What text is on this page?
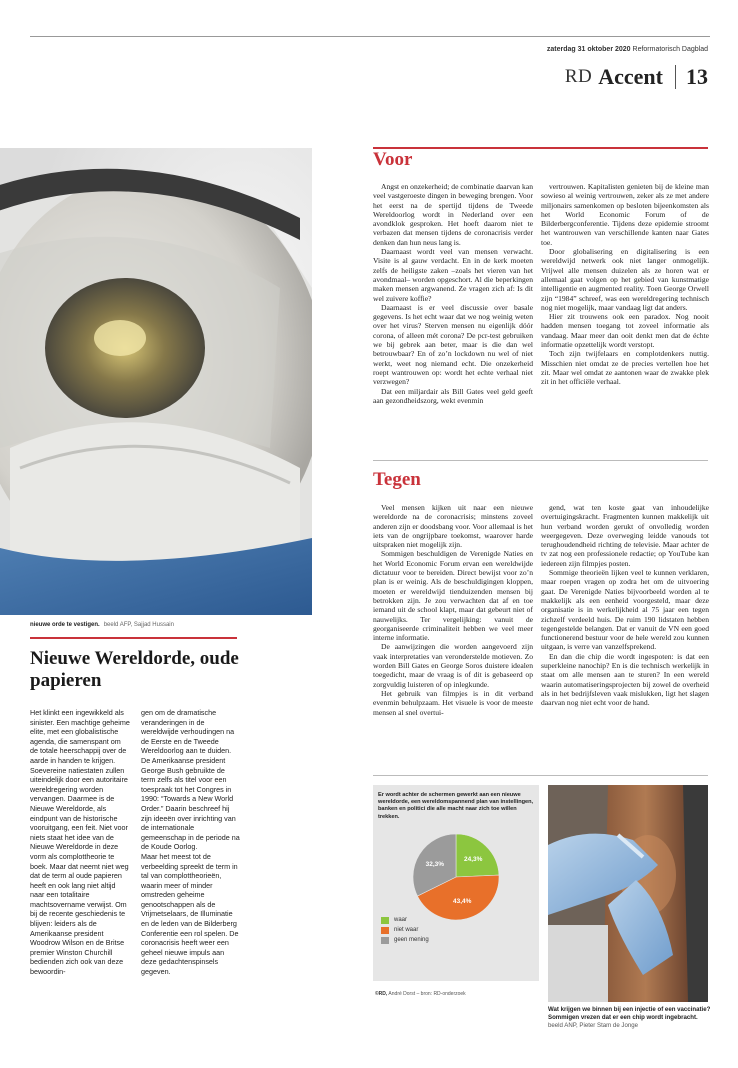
zaterdag 31 oktober 2020 Reformatorisch Dagblad
RD Accent 13
nieuwe orde te vestigen. beeld AFP, Sajjad Hussain
Nieuwe Wereldorde, oude papieren

Het klinkt een ingewikkeld als sinister. Een machtige geheime elite, met een globalistische agenda, die samenspant om de totale heerschappij over de aarde in handen te krijgen. Soevereine natiestaten zullen uiteindelijk door een autoritaire wereldregering worden vervangen. Daarmee is de Nieuwe Wereldorde, als eindpunt van de historische vooruitgang, een feit. Niet voor niets staat het idee van de Nieuwe Wereldorde in deze vorm als complottheorie te boek. Maar dat neemt niet weg dat de term al oude papieren heeft en ook lang niet altijd naar een totalitaire machtsovername verwijst. Om bij de recente geschiedenis te blijven: leiders als de Amerikaanse president Woodrow Wilson en de Britse premier Winston Churchill bedienden zich ook van deze bewoordin-

gen om de dramatische veranderingen in de wereldwijde verhoudingen na de Eerste en de Tweede Wereldoorlog aan te duiden.

De Amerikaanse president George Bush gebruikte de term zelfs als titel voor een toespraak tot het Congres in 1990: “Towards a New World Order.” Daarin beschreef hij zijn ideeën over inrichting van de internationale gemeenschap in de periode na de Koude Oorlog.

Maar het meest tot de verbeelding spreekt de term in tal van complottheorieën, waarin meer of minder omstreden geheime genootschappen als de Vrijmetselaars, de Illuminatie en de leden van de Bilderberg Conferentie een rol spelen. De coronacrisis heeft weer een geheel nieuwe impuls aan deze gedachtenspinsels gegeven.

Voor

Angst en onzekerheid; de combinatie daarvan kan veel vastgeroeste dingen in beweging brengen. Voor het eerst na de spertijd tijdens de Tweede Wereldoorlog wordt in Nederland over een avondklok gesproken. Het hoeft daarom niet te verbazen dat mensen tijdens de coronacrisis verder denken dan hun neus lang is.

Daarnaast wordt veel van mensen verwacht. Visite is al gauw verdacht. En in de kerk moeten zelfs de heiligste zaken –zoals het vieren van het avondmaal– worden opgeschort. Al die beperkingen maken mensen argwanend. Ze vragen zich af: Is dit wel zuivere koffie?

Daarnaast is er veel discussie over basale gegevens. Is het echt waar dat we nog weinig weten over het virus? Sterven mensen nu eigenlijk dóór corona, of alleen mét corona? De pcr-test gebruiken we bij gebrek aan beter, maar is die dan wel betrouwbaar? En of zo’n lockdown nu wel of niet werkt, weet nog niemand echt. Die onzekerheid roept wantrouwen op: wordt het echte verhaal niet verzwegen?

Dat een miljardair als Bill Gates veel geld geeft aan gezondheidszorg, wekt evenmin

vertrouwen. Kapitalisten genieten bij de kleine man sowieso al weinig vertrouwen, zeker als ze met andere miljonairs samenkomen op besloten bijeenkomsten als het World Economic Forum of de Bilderbergconferentie. Tijdens deze epidemie stroomt het wantrouwen van verschillende kanten naar Gates toe.

Door globalisering en digitalisering is een wereldwijd netwerk ook niet langer onmogelijk. Vrijwel alle mensen duizelen als ze horen wat er allemaal gaat volgen op het gebied van kunstmatige intelligentie en augmented reality. Toen George Orwell zijn “1984” schreef, was een wereldregering technisch nog niet mogelijk, maar vandaag ligt dat anders.

Hier zit trouwens ook een paradox. Nog nooit hadden mensen toegang tot zoveel informatie als vandaag. Maar meer dan ooit denkt men dat de échte informatie opzettelijk wordt verstopt.

Toch zijn twijfelaars en complotdenkers nuttig. Misschien niet omdat ze de precies vertellen hoe het zit. Maar wel omdat ze aantonen waar de zwakke plek zit in het officiële verhaal.

Tegen

Veel mensen kijken uit naar een nieuwe wereldorde na de coronacrisis; minstens zoveel anderen zijn er doodsbang voor. Voor allemaal is het iets van de ongrijpbare toekomst, waarover harde uitspraken niet mogelijk zijn.

Sommigen beschuldigen de Verenigde Naties en het World Economic Forum ervan een wereldwijde dictatuur voor te bereiden. Direct bewijst voor zo’n plan is er weinig. Als de beschuldigingen kloppen, moeten er wereldwijd tienduizenden mensen bij betrokken zijn. Je zou verwachten dat af en toe iemand uit de school klapt, maar dat gebeurt niet of nauwelijks. Ter vergelijking: vanuit de georganiseerde criminaliteit hebben we veel meer interne informatie.

De aanwijzingen die worden aangevoerd zijn vaak interpretaties van veronderstelde motieven. Zo worden Bill Gates en George Soros duistere idealen toegedicht, maar de vraag is of dit is gebaseerd op zorgvuldig luisteren of op inlegkunde.

Het gebruik van filmpjes is in dit verband evenmin behulpzaam. Het visuele is voor de meeste mensen al snel overtui-

gend, wat ten koste gaat van inhoudelijke overtuigingskracht. Fragmenten kunnen makkelijk uit hun verband worden gerukt of onvolledig worden weergegeven. Deze overweging leidde vanouds tot terughoudendheid richting de televisie. Maar achter de tv zat nog een professionele redactie; op YouTube kan iedereen zijn filmpjes posten.

Sommige theorieën lijken veel te kunnen verklaren, maar roepen vragen op zodra het om de uitvoering gaat. De Verenigde Naties bijvoorbeeld worden al te makkelijk als een eenheid voorgesteld, maar deze organisatie is in werkelijkheid al 75 jaar een tegen zichzelf verdeeld huis. De ruim 190 lidstaten hebben tegengestelde belangen. Dat er vanuit de VN een goed functionerend bestuur voor de hele wereld zou kunnen uitgaan, is verre van vanzelfsprekend.

En dan die chip die wordt ingespoten: is dat een superkleine nanochip? En is die technisch werkelijk in staat om alle mensen aan te sturen? In een wereld waarin automatiseringsprojecten bij zowel de overheid als in het bedrijfsleven vaak mislukken, ligt het slagen daarvan nog niet echt voor de hand.

Er wordt achter de schermen gewerkt aan een nieuwe wereldorde, een wereldomspannend plan van instellingen, banken en politici die alle macht naar zich toe willen trekken.
24,3%
43,4%
32,3%
waar
niet waar
geen mening
©RD, André Dorst – bron: RD-onderzoek
Wat krijgen we binnen bij een injectie of een vaccinatie? Sommigen vrezen dat er een chip wordt ingebracht. beeld ANP, Pieter Stam de Jonge
